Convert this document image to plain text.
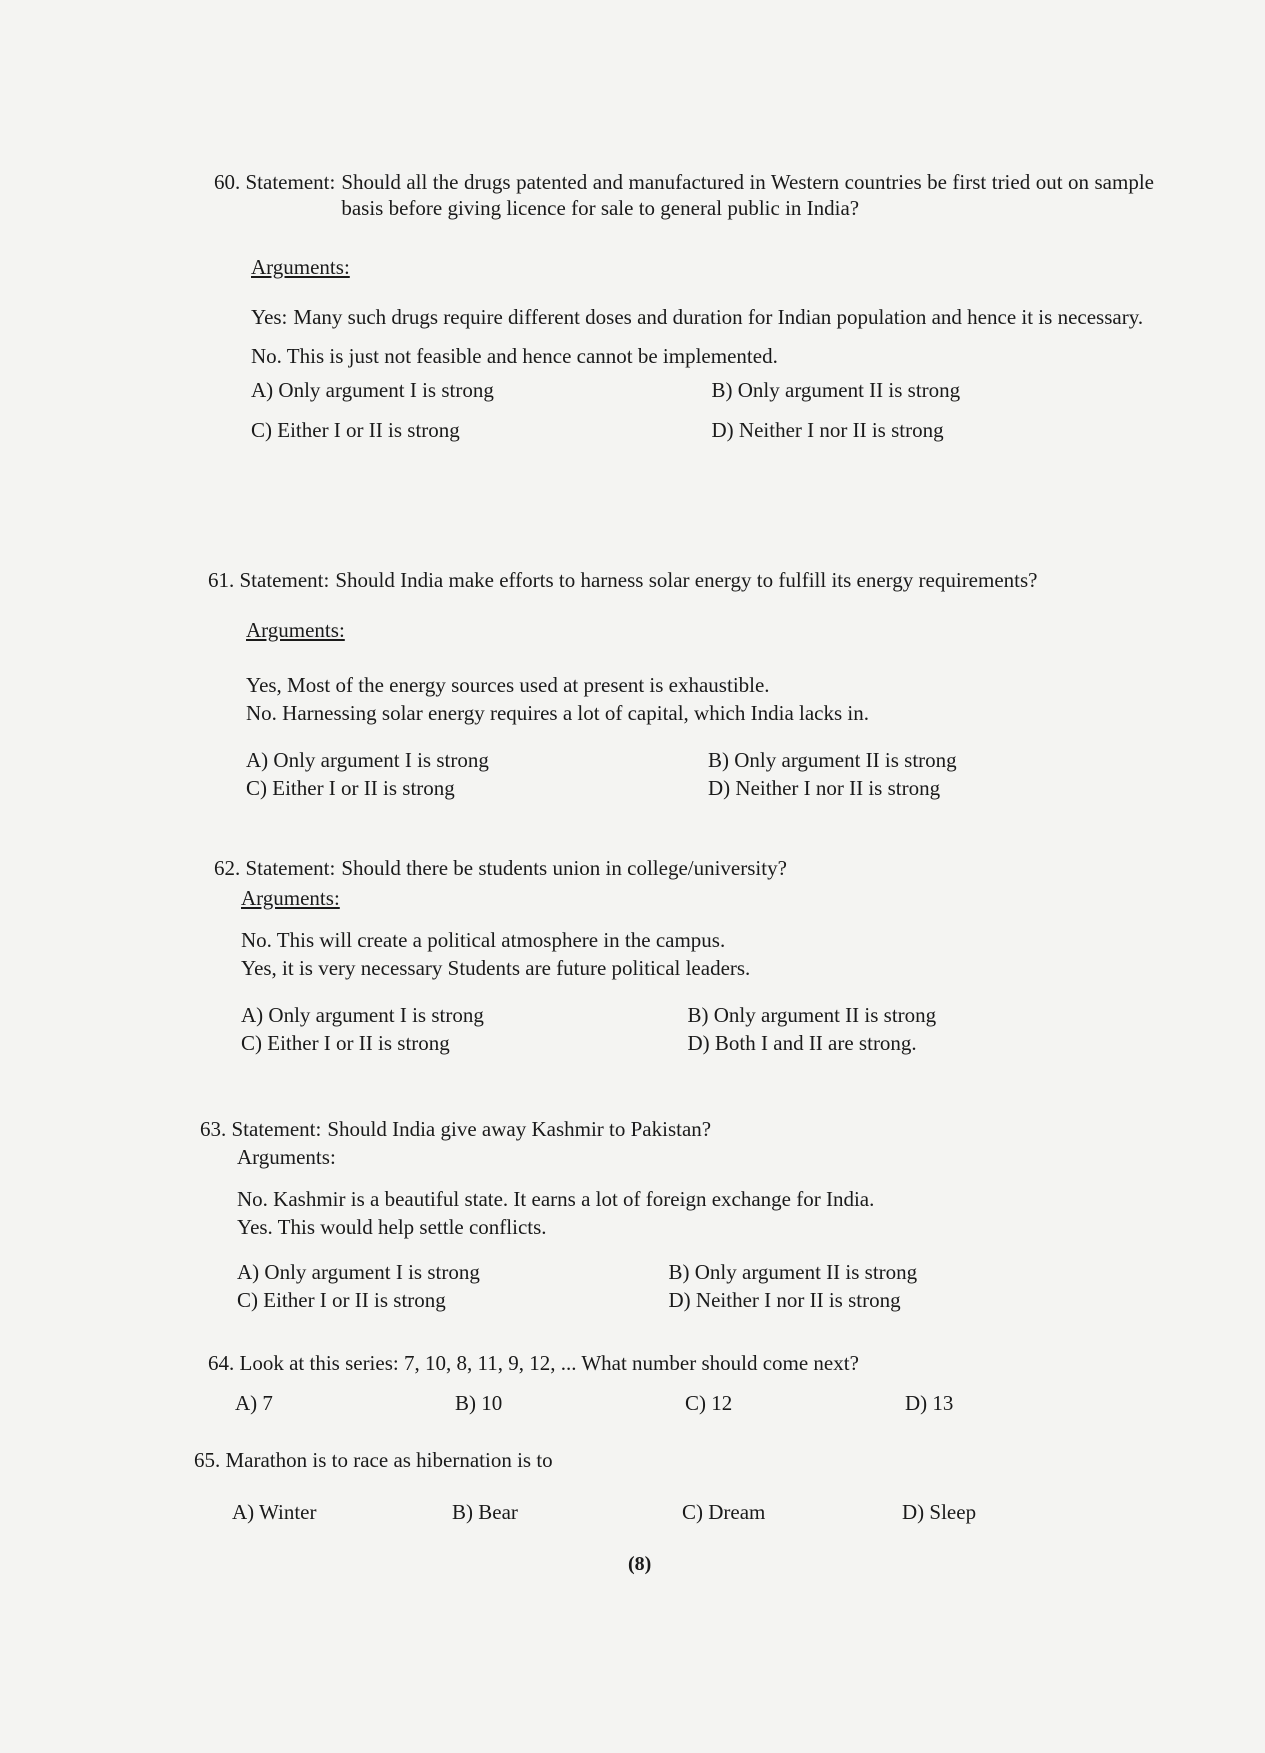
60. Statement: Should all the drugs patented and manufactured in Western countries be first tried out on sample basis before giving licence for sale to general public in India?
Arguments:
Yes: Many such drugs require different doses and duration for Indian population and hence it is necessary.
No. This is just not feasible and hence cannot be implemented.
A) Only argument I is strong	B) Only argument II is strong
C) Either I or II is strong	D) Neither I nor II is strong
61. Statement: Should India make efforts to harness solar energy to fulfill its energy requirements?
Arguments:
Yes, Most of the energy sources used at present is exhaustible.
No. Harnessing solar energy requires a lot of capital, which India lacks in.
A) Only argument I is strong	B) Only argument II is strong
C) Either I or II is strong	D) Neither I nor II is strong
62. Statement: Should there be students union in college/university?
Arguments:
No. This will create a political atmosphere in the campus.
Yes, it is very necessary Students are future political leaders.
A) Only argument I is strong	B) Only argument II is strong
C) Either I or II is strong	D) Both I and II are strong.
63. Statement: Should India give away Kashmir to Pakistan?
Arguments:
No. Kashmir is a beautiful state. It earns a lot of foreign exchange for India.
Yes. This would help settle conflicts.
A) Only argument I is strong	B) Only argument II is strong
C) Either I or II is strong	D) Neither I nor II is strong
64. Look at this series: 7, 10, 8, 11, 9, 12, ... What number should come next?
A) 7	B) 10	C) 12	D) 13
65. Marathon is to race as hibernation is to
A) Winter	B) Bear	C) Dream	D) Sleep
(8)
